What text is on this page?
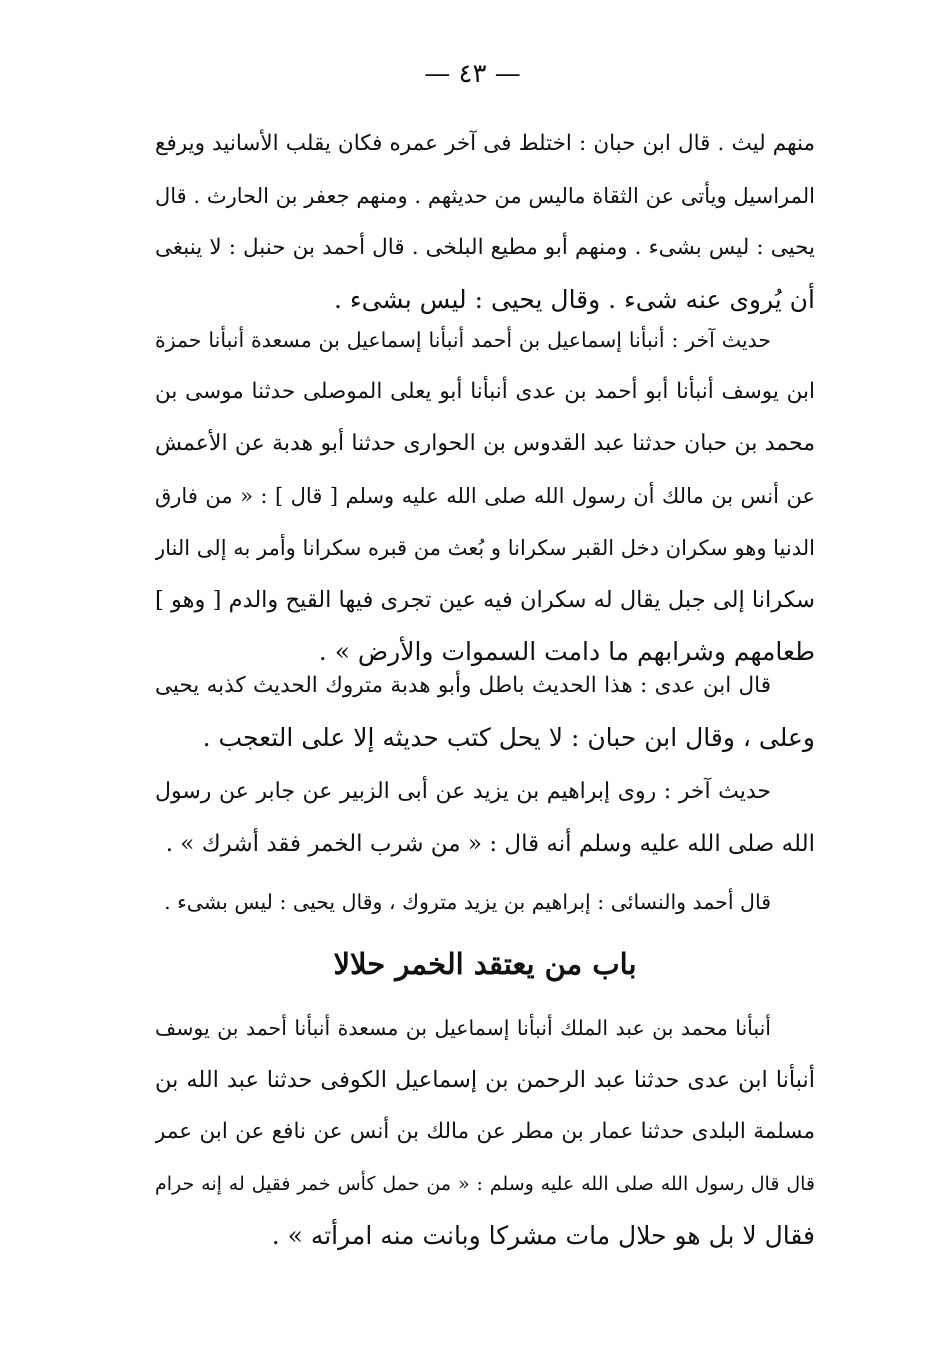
— ٤٣ —
منهم ليث . قال ابن حبان : اختلط فى آخر عمره فكان يقلب الأسانيد ويرفع
المراسيل ويأتى عن الثقاة ماليس من حديثهم . ومنهم جعفر بن الحارث . قال
يحيى : ليس بشىء . ومنهم أبو مطيع البلخى . قال أحمد بن حنبل : لا ينبغى
أن يُروى عنه شىء . وقال يحيى : ليس بشىء .
حديث آخر : أنبأنا إسماعيل بن أحمد أنبأنا إسماعيل بن مسعدة أنبأنا حمزة
ابن يوسف أنبأنا أبو أحمد بن عدى أنبأنا أبو يعلى الموصلى حدثنا موسى بن
محمد بن حبان حدثنا عبد القدوس بن الحوارى حدثنا أبو هدبة عن الأعمش
عن أنس بن مالك أن رسول الله صلى الله عليه وسلم [ قال ] : « من فارق
الدنيا وهو سكران دخل القبر سكرانا و بُعث من قبره سكرانا وأمر به إلى النار
سكرانا إلى جبل يقال له سكران فيه عين تجرى فيها القيح والدم [ وهو ]
طعامهم وشرابهم ما دامت السموات والأرض » .
قال ابن عدى : هذا الحديث باطل وأبو هدبة متروك الحديث كذبه يحيى
وعلى ، وقال ابن حبان : لا يحل كتب حديثه إلا على التعجب .
حديث آخر : روى إبراهيم بن يزيد عن أبى الزبير عن جابر عن رسول
الله صلى الله عليه وسلم أنه قال : « من شرب الخمر فقد أشرك » .
قال أحمد والنسائى : إبراهيم بن يزيد متروك ، وقال يحيى : ليس بشىء .
باب من يعتقد الخمر حلالا
أنبأنا محمد بن عبد الملك أنبأنا إسماعيل بن مسعدة أنبأنا أحمد بن يوسف
أنبأنا ابن عدى حدثنا عبد الرحمن بن إسماعيل الكوفى حدثنا عبد الله بن
مسلمة البلدى حدثنا عمار بن مطر عن مالك بن أنس عن نافع عن ابن عمر
قال قال رسول الله صلى الله عليه وسلم : « من حمل كأس خمر فقيل له إنه حرام
فقال لا بل هو حلال مات مشركا وبانت منه امرأته » .
